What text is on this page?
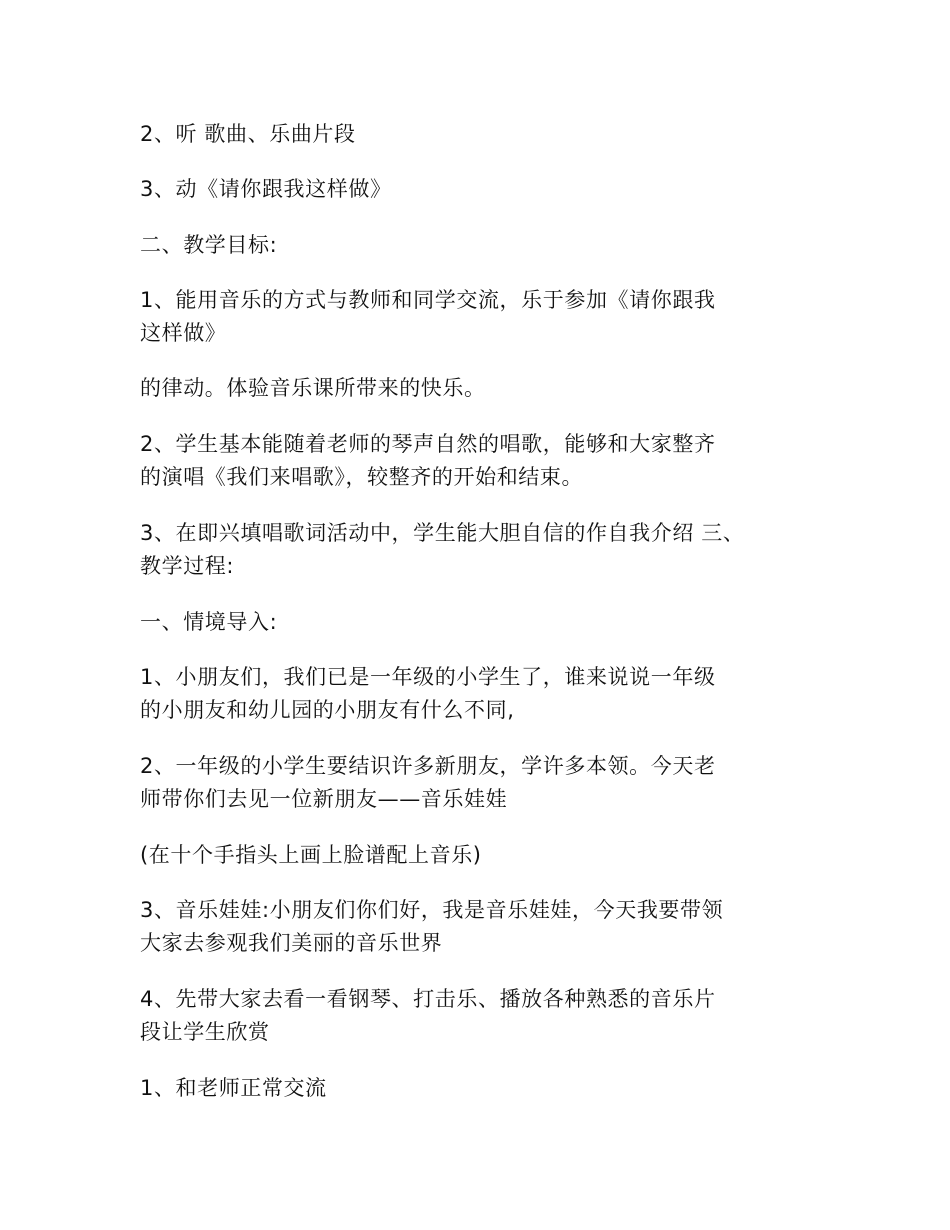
2、听 歌曲、乐曲片段

3、动《请你跟我这样做》

二、教学目标:

1、能用音乐的方式与教师和同学交流，乐于参加《请你跟我

这样做》

的律动。体验音乐课所带来的快乐。

2、学生基本能随着老师的琴声自然的唱歌，能够和大家整齐

的演唱《我们来唱歌》，较整齐的开始和结束。

3、在即兴填唱歌词活动中，学生能大胆自信的作自我介绍 三、

教学过程:

一、情境导入:

1、小朋友们，我们已是一年级的小学生了，谁来说说一年级

的小朋友和幼儿园的小朋友有什么不同,

2、一年级的小学生要结识许多新朋友，学许多本领。今天老

师带你们去见一位新朋友——音乐娃娃

(在十个手指头上画上脸谱配上音乐)

3、音乐娃娃:小朋友们你们好，我是音乐娃娃，今天我要带领

大家去参观我们美丽的音乐世界

4、先带大家去看一看钢琴、打击乐、播放各种熟悉的音乐片

段让学生欣赏

1、和老师正常交流
